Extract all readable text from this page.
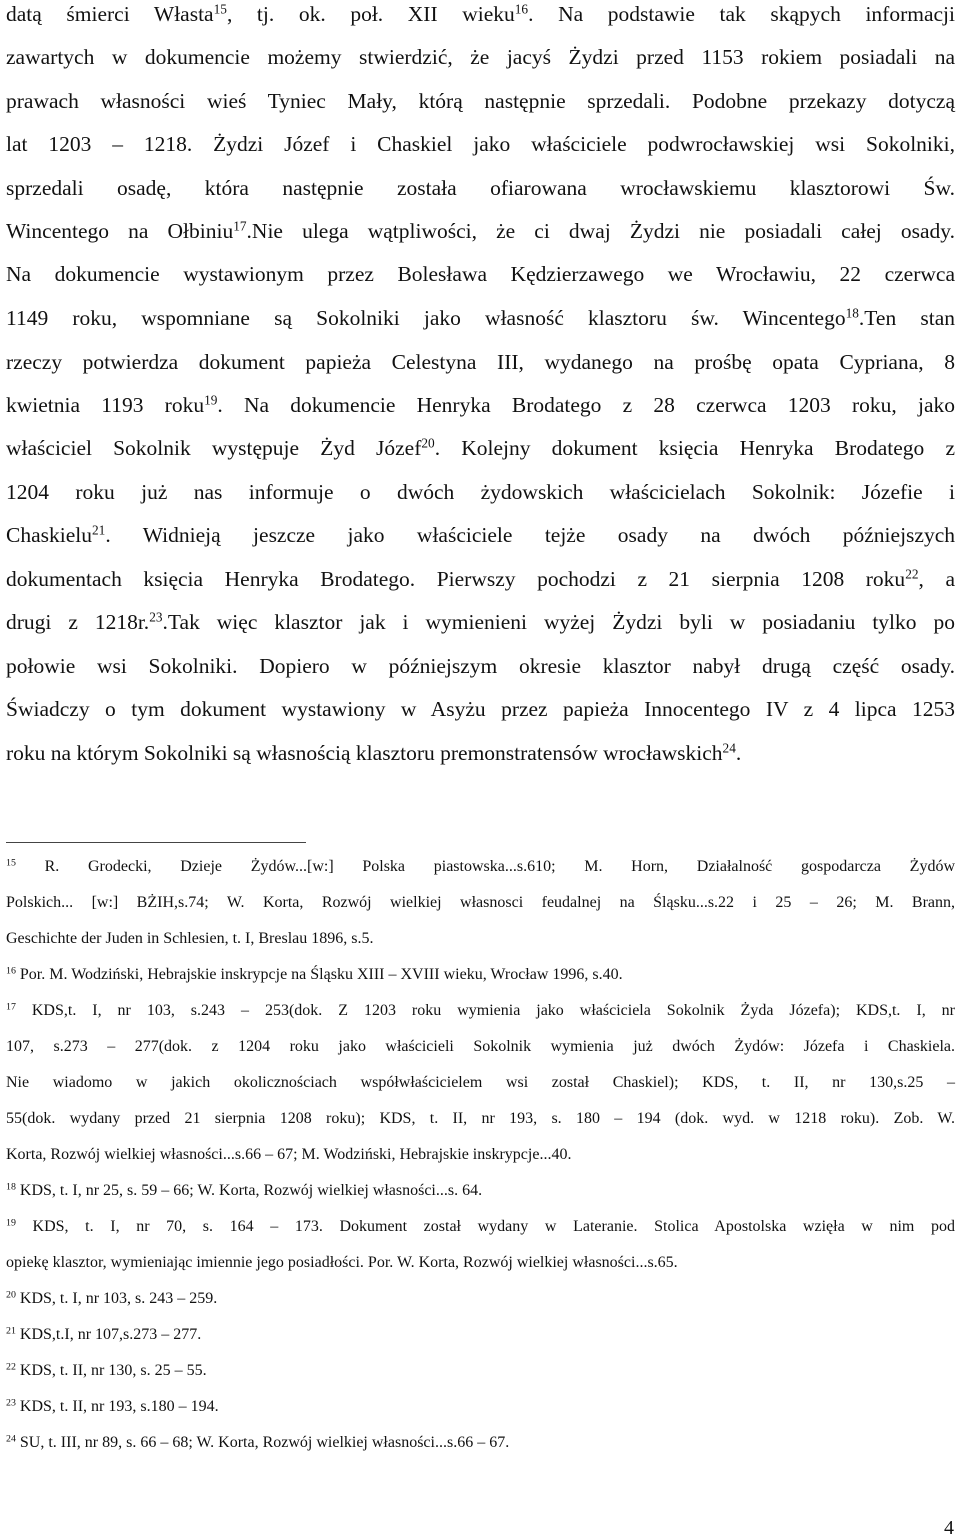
datą śmierci Własta$^{15}$, tj. ok. poł. XII wieku$^{16}$. Na podstawie tak skąpych informacji
zawartych w dokumencie możemy stwierdzić, że jacyś Żydzi przed 1153 rokiem posiadali na
prawach własności wieś Tyniec Mały, którą następnie sprzedali. Podobne przekazy dotyczą
lat 1203 – 1218. Żydzi Józef i Chaskiel jako właściciele podwrocławskiej wsi Sokolniki,
sprzedali osadę, która następnie została ofiarowana wrocławskiemu klasztorowi Św.
Wincentego na Ołbiniu$^{17}$.Nie ulega wątpliwości, że ci dwaj Żydzi nie posiadali całej osady.
Na dokumencie wystawionym przez Bolesława Kędzierzawego we Wrocławiu, 22 czerwca
1149 roku, wspomniane są Sokolniki jako własność klasztoru św. Wincentego$^{18}$.Ten stan
rzeczy potwierdza dokument papieża Celestyna III, wydanego na prośbę opata Cypriana, 8
kwietnia 1193 roku$^{19}$. Na dokumencie Henryka Brodatego z 28 czerwca 1203 roku, jako
właściciel Sokolnik występuje Żyd Józef$^{20}$. Kolejny dokument księcia Henryka Brodatego z
1204 roku już nas informuje o dwóch żydowskich właścicielach Sokolnik: Józefie i
Chaskielu$^{21}$. Widnieją jeszcze jako właściciele tejże osady na dwóch późniejszych
dokumentach księcia Henryka Brodatego. Pierwszy pochodzi z 21 sierpnia 1208 roku$^{22}$, a
drugi z 1218r.$^{23}$.Tak więc klasztor jak i wymienieni wyżej Żydzi byli w posiadaniu tylko po
połowie wsi Sokolniki. Dopiero w późniejszym okresie klasztor nabył drugą część osady.
Świadczy o tym dokument wystawiony w Asyżu przez papieża Innocentego IV z 4 lipca 1253
roku na którym Sokolniki są własnością klasztoru premonstratensów wrocławskich$^{24}$.
$^{15}$ R. Grodecki, Dzieje Żydów...[w:] Polska piastowska...s.610; M. Horn, Działalność gospodarcza Żydów
Polskich... [w:] BŻIH,s.74; W. Korta, Rozwój wielkiej własnosci feudalnej na Śląsku...s.22 i 25 – 26; M. Brann,
Geschichte der Juden in Schlesien, t. I, Breslau 1896, s.5.
$^{16}$ Por. M. Wodziński, Hebrajskie inskrypcje na Śląsku XIII – XVIII wieku, Wrocław 1996, s.40.
$^{17}$ KDS,t. I, nr 103, s.243 – 253(dok. Z 1203 roku wymienia jako właściciela Sokolnik Żyda Józefa); KDS,t. I, nr
107, s.273 – 277(dok. z 1204 roku jako właścicieli Sokolnik wymienia już dwóch Żydów: Józefa i Chaskiela.
Nie wiadomo w jakich okolicznościach współwłaścicielem wsi został Chaskiel); KDS, t. II, nr 130,s.25 –
55(dok. wydany przed 21 sierpnia 1208 roku); KDS, t. II, nr 193, s. 180 – 194 (dok. wyd. w 1218 roku). Zob. W.
Korta, Rozwój wielkiej własności...s.66 – 67; M. Wodziński, Hebrajskie inskrypcje...40.
$^{18}$ KDS, t. I, nr 25, s. 59 – 66; W. Korta, Rozwój wielkiej własności...s. 64.
$^{19}$ KDS, t. I, nr 70, s. 164 – 173. Dokument został wydany w Lateranie. Stolica Apostolska wzięła w nim pod
opiekę klasztor, wymieniając imiennie jego posiadłości. Por. W. Korta, Rozwój wielkiej własności...s.65.
$^{20}$ KDS, t. I, nr 103, s. 243 – 259.
$^{21}$ KDS,t.I, nr 107,s.273 – 277.
$^{22}$ KDS, t. II, nr 130, s. 25 – 55.
$^{23}$ KDS, t. II, nr 193, s.180 – 194.
$^{24}$ SU, t. III, nr 89, s. 66 – 68; W. Korta, Rozwój wielkiej własności...s.66 – 67.
4
